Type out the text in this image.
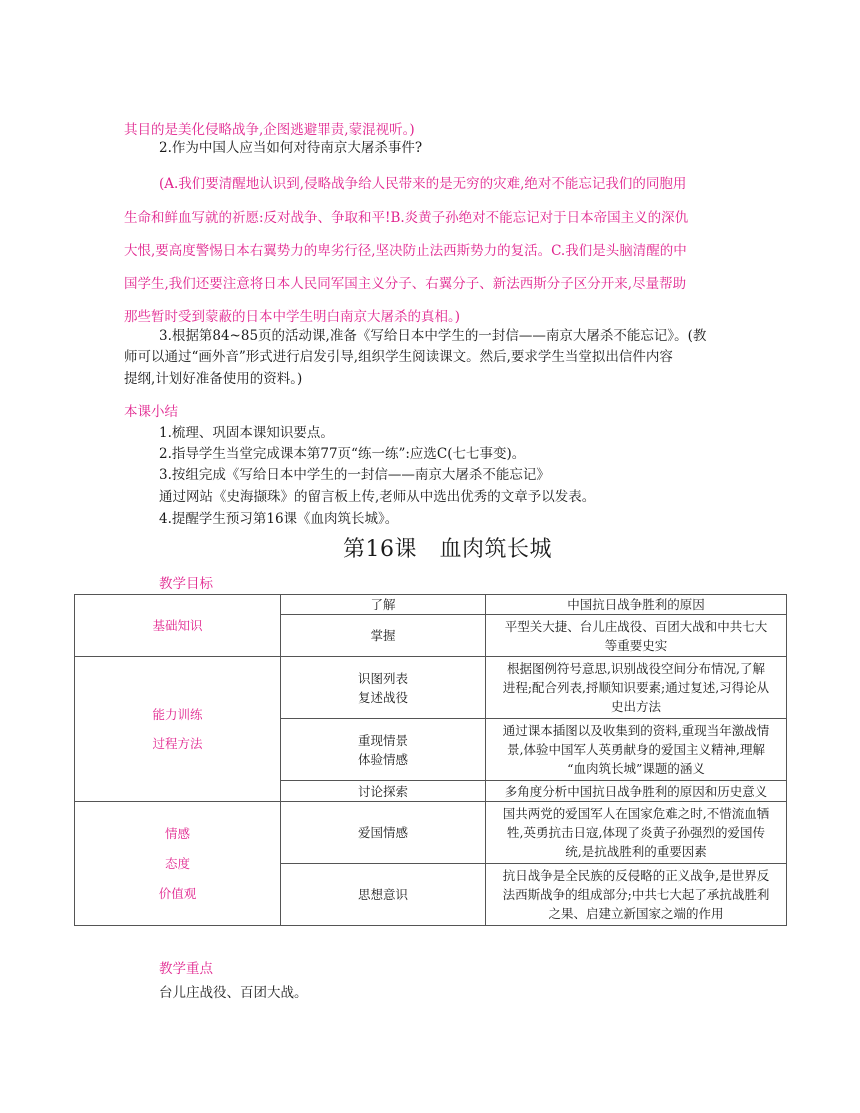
其目的是美化侵略战争,企图逃避罪责,蒙混视听。)
2.作为中国人应当如何对待南京大屠杀事件?
(A.我们要清醒地认识到,侵略战争给人民带来的是无穷的灾难,绝对不能忘记我们的同胞用
生命和鲜血写就的祈愿:反对战争、争取和平!B.炎黄子孙绝对不能忘记对于日本帝国主义的深仇
大恨,要高度警惕日本右翼势力的卑劣行径,坚决防止法西斯势力的复活。C.我们是头脑清醒的中
国学生,我们还要注意将日本人民同军国主义分子、右翼分子、新法西斯分子区分开来,尽量帮助
那些暂时受到蒙蔽的日本中学生明白南京大屠杀的真相。)
3.根据第84~85页的活动课,准备《写给日本中学生的一封信——南京大屠杀不能忘记》。(教
师可以通过“画外音”形式进行启发引导,组织学生阅读课文。然后,要求学生当堂拟出信件内容
提纲,计划好准备使用的资料。)
本课小结
1.梳理、巩固本课知识要点。
2.指导学生当堂完成课本第77页“练一练”:应选C(七七事变)。
3.按组完成《写给日本中学生的一封信——南京大屠杀不能忘记》
通过网站《史海撷珠》的留言板上传,老师从中选出优秀的文章予以发表。
4.提醒学生预习第16课《血肉筑长城》。
第16课　血肉筑长城
教学目标
基础知识	了解	中国抗日战争胜利的原因
	掌握	平型关大捷、台儿庄战役、百团大战和中共七大
等重要史实

能力训练
过程方法	识图列表
复述战役	根据图例符号意思,识别战役空间分布情况,了解
进程;配合列表,捋顺知识要素;通过复述,习得论从
史出方法

	重现情景
体验情感	通过课本插图以及收集到的资料,重现当年激战情
景,体验中国军人英勇献身的爱国主义精神,理解
“血肉筑长城”课题的涵义

	讨论探索	多角度分析中国抗日战争胜利的原因和历史意义

情感
态度
价值观	爱国情感	国共两党的爱国军人在国家危难之时,不惜流血牺
牲,英勇抗击日寇,体现了炎黄子孙强烈的爱国传
统,是抗战胜利的重要因素

	思想意识	抗日战争是全民族的反侵略的正义战争,是世界反
法西斯战争的组成部分;中共七大起了承抗战胜利
之果、启建立新国家之端的作用
教学重点
台儿庄战役、百团大战。
